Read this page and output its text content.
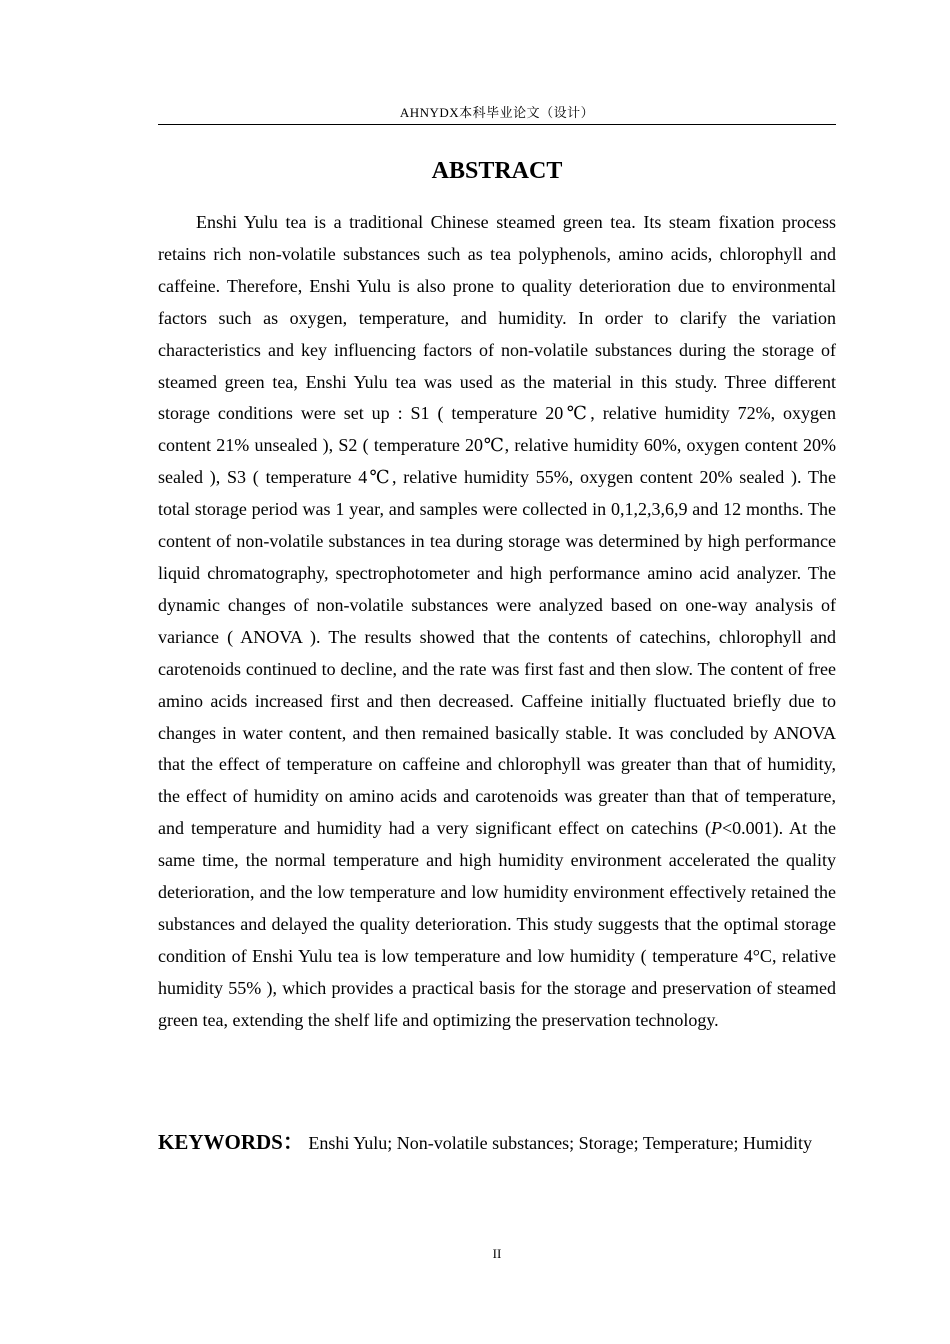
AHNYDX本科毕业论文（设计）
ABSTRACT

Enshi Yulu tea is a traditional Chinese steamed green tea. Its steam fixation process retains rich non-volatile substances such as tea polyphenols, amino acids, chlorophyll and caffeine. Therefore, Enshi Yulu is also prone to quality deterioration due to environmental factors such as oxygen, temperature, and humidity. In order to clarify the variation characteristics and key influencing factors of non-volatile substances during the storage of steamed green tea, Enshi Yulu tea was used as the material in this study. Three different storage conditions were set up : S1 ( temperature 20℃, relative humidity 72%, oxygen content 21% unsealed ), S2 ( temperature 20℃, relative humidity 60%, oxygen content 20% sealed ), S3 ( temperature 4℃, relative humidity 55%, oxygen content 20% sealed ). The total storage period was 1 year, and samples were collected in 0,1,2,3,6,9 and 12 months. The content of non-volatile substances in tea during storage was determined by high performance liquid chromatography, spectrophotometer and high performance amino acid analyzer. The dynamic changes of non-volatile substances were analyzed based on one-way analysis of variance ( ANOVA ). The results showed that the contents of catechins, chlorophyll and carotenoids continued to decline, and the rate was first fast and then slow. The content of free amino acids increased first and then decreased. Caffeine initially fluctuated briefly due to changes in water content, and then remained basically stable. It was concluded by ANOVA that the effect of temperature on caffeine and chlorophyll was greater than that of humidity, the effect of humidity on amino acids and carotenoids was greater than that of temperature, and temperature and humidity had a very significant effect on catechins (P<0.001). At the same time, the normal temperature and high humidity environment accelerated the quality deterioration, and the low temperature and low humidity environment effectively retained the substances and delayed the quality deterioration. This study suggests that the optimal storage condition of Enshi Yulu tea is low temperature and low humidity ( temperature 4°C, relative humidity 55% ), which provides a practical basis for the storage and preservation of steamed green tea, extending the shelf life and optimizing the preservation technology.

KEYWORDS： Enshi Yulu; Non-volatile substances; Storage; Temperature; Humidity

II
